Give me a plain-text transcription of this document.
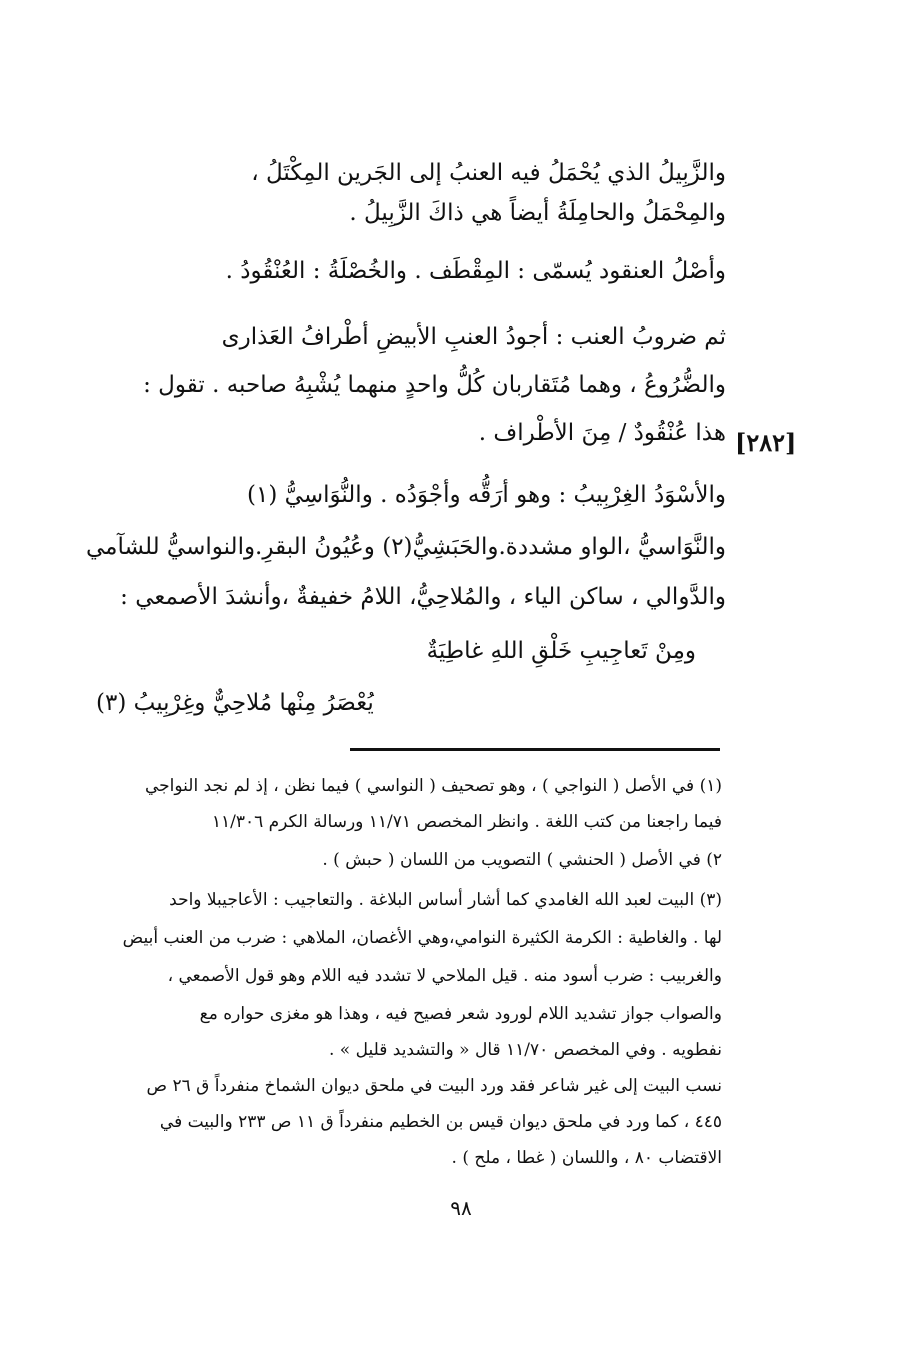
والزَّبِيلُ الذي يُحْمَلُ فيه العنبُ إلى الجَرين المِكْتَلُ ،
والمِحْمَلُ والحامِلَةُ أيضاً هي ذاكَ الزَّبِيلُ .
وأصْلُ العنقود يُسمّى : المِقْطَف . والخُصْلَةُ : العُنْقُودُ .
ثم ضروبُ العنب : أجودُ العنبِ الأبيضِ أطْرافُ العَذارى
والضُّرُوعُ ، وهما مُتَقاربان كُلُّ واحدٍ منهما يُشْبِهُ صاحبه . تقول :
هذا عُنْقُودٌ / مِنَ الأطْراف .
والأسْوَدُ الغِرْبِيبُ : وهو أرَقُّه وأجْوَدُه . والنُّوَاسِيُّ (١)
والنَّوَاسيُّ ،الواو مشددة.والحَبَشِيُّ(٢) وعُيُونُ البقرِ.والنواسيُّ للشآمي
والدَّوالي ، ساكن الياء ، والمُلاحِيُّ، اللامُ خفيفةٌ ،وأنشدَ الأصمعي :
ومِنْ تَعاجِيبِ خَلْقِ اللهِ غاطِيَةٌ
يُعْصَرُ مِنْها مُلاحِيٌّ وغِرْبِيبُ (٣)
[٢٨٢]
(١) في الأصل ( النواجي ) ، وهو تصحيف ( النواسي ) فيما نظن ، إذ لم نجد النواجي
فيما راجعنا من كتب اللغة . وانظر المخصص ١١/٧١ ورسالة الكرم ١١/٣٠٦
٢) في الأصل ( الحنشي ) التصويب من اللسان ( حبش ) .
(٣) البيت لعبد الله الغامدي كما أشار أساس البلاغة . والتعاجيب : الأعاجيبلا واحد
لها . والغاطية : الكرمة الكثيرة النوامي،وهي الأغصان، الملاهي : ضرب من العنب أبيض
والغربيب : ضرب أسود منه . قيل الملاحي لا تشدد فيه اللام وهو قول الأصمعي ،
والصواب جواز تشديد اللام لورود شعر فصيح فيه ، وهذا هو مغزى حواره مع
نفطويه . وفي المخصص ١١/٧٠ قال « والتشديد قليل » .
نسب البيت إلى غير شاعر فقد ورد البيت في ملحق ديوان الشماخ منفرداً ق ٢٦ ص
٤٤٥ ، كما ورد في ملحق ديوان قيس بن الخطيم منفرداً ق ١١ ص ٢٣٣ والبيت في
الاقتضاب ٨٠ ، واللسان ( غطا ، ملح ) .
٩٨
